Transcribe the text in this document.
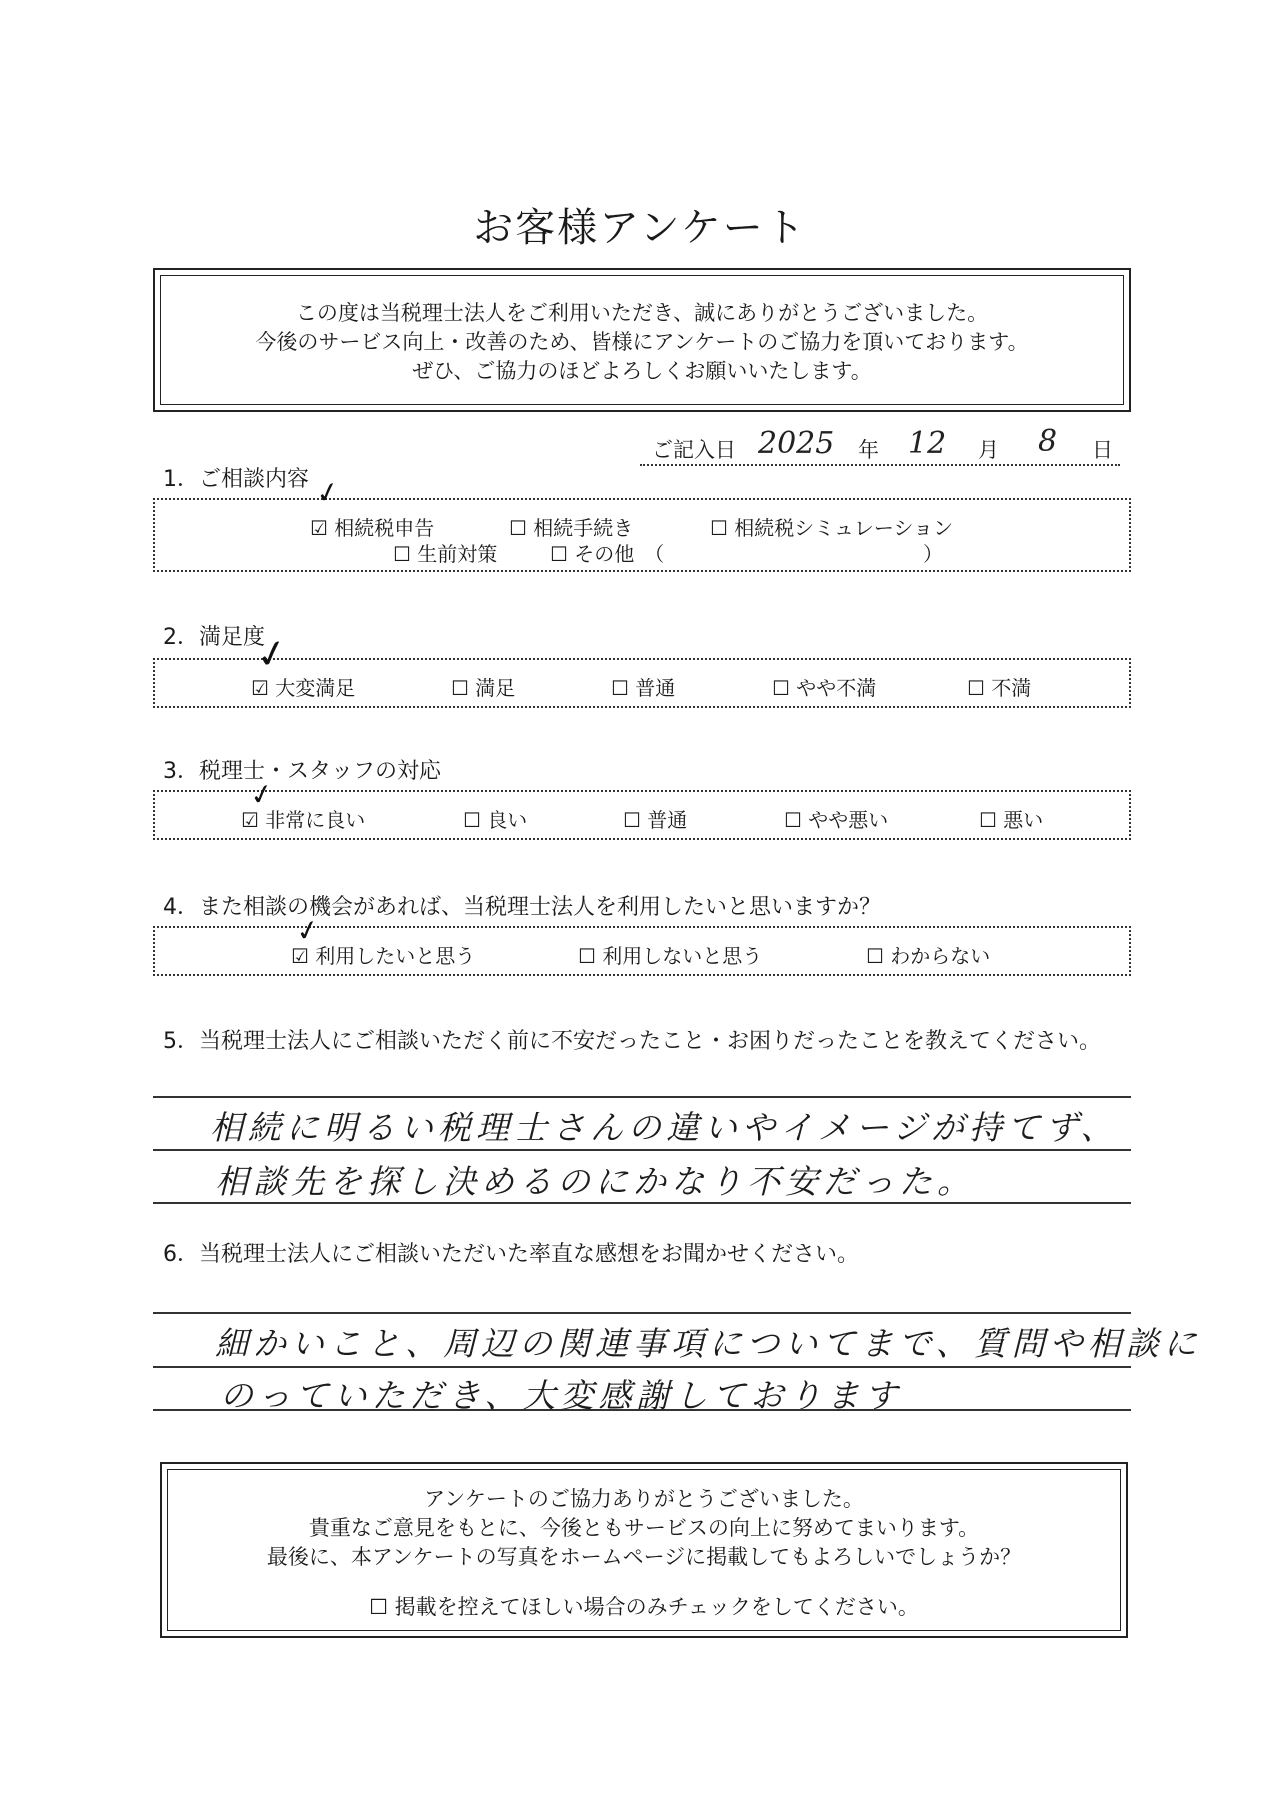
お客様アンケート
この度は当税理士法人をご利用いただき、誠にありがとうございました。
今後のサービス向上・改善のため、皆様にアンケートのご協力を頂いております。
ぜひ、ご協力のほどよろしくお願いいたします。
ご記入日 2025 年 12 月 8 日
1．ご相談内容
☑ 相続税申告	☐ 相続手続き	☐ 相続税シミュレーション
☐ 生前対策	☐ その他　（	）
✓
2．満足度
☑ 大変満足	☐ 満足	☐ 普通	☐ やや不満	☐ 不満
✓
3．税理士・スタッフの対応
☑ 非常に良い	☐ 良い	☐ 普通	☐ やや悪い	☐ 悪い
✓
4．また相談の機会があれば、当税理士法人を利用したいと思いますか？
☑ 利用したいと思う	☐ 利用しないと思う	☐ わからない
✓
5．当税理士法人にご相談いただく前に不安だったこと・お困りだったことを教えてください。
相続に明るい税理士さんの違いやイメージが持てず、
相談先を探し決めるのにかなり不安だった。
6．当税理士法人にご相談いただいた率直な感想をお聞かせください。
細かいこと、周辺の関連事項についてまで、質問や相談に
のっていただき、大変感謝しております
アンケートのご協力ありがとうございました。
貴重なご意見をもとに、今後ともサービスの向上に努めてまいります。
最後に、本アンケートの写真をホームページに掲載してもよろしいでしょうか？
☐ 掲載を控えてほしい場合のみチェックをしてください。
